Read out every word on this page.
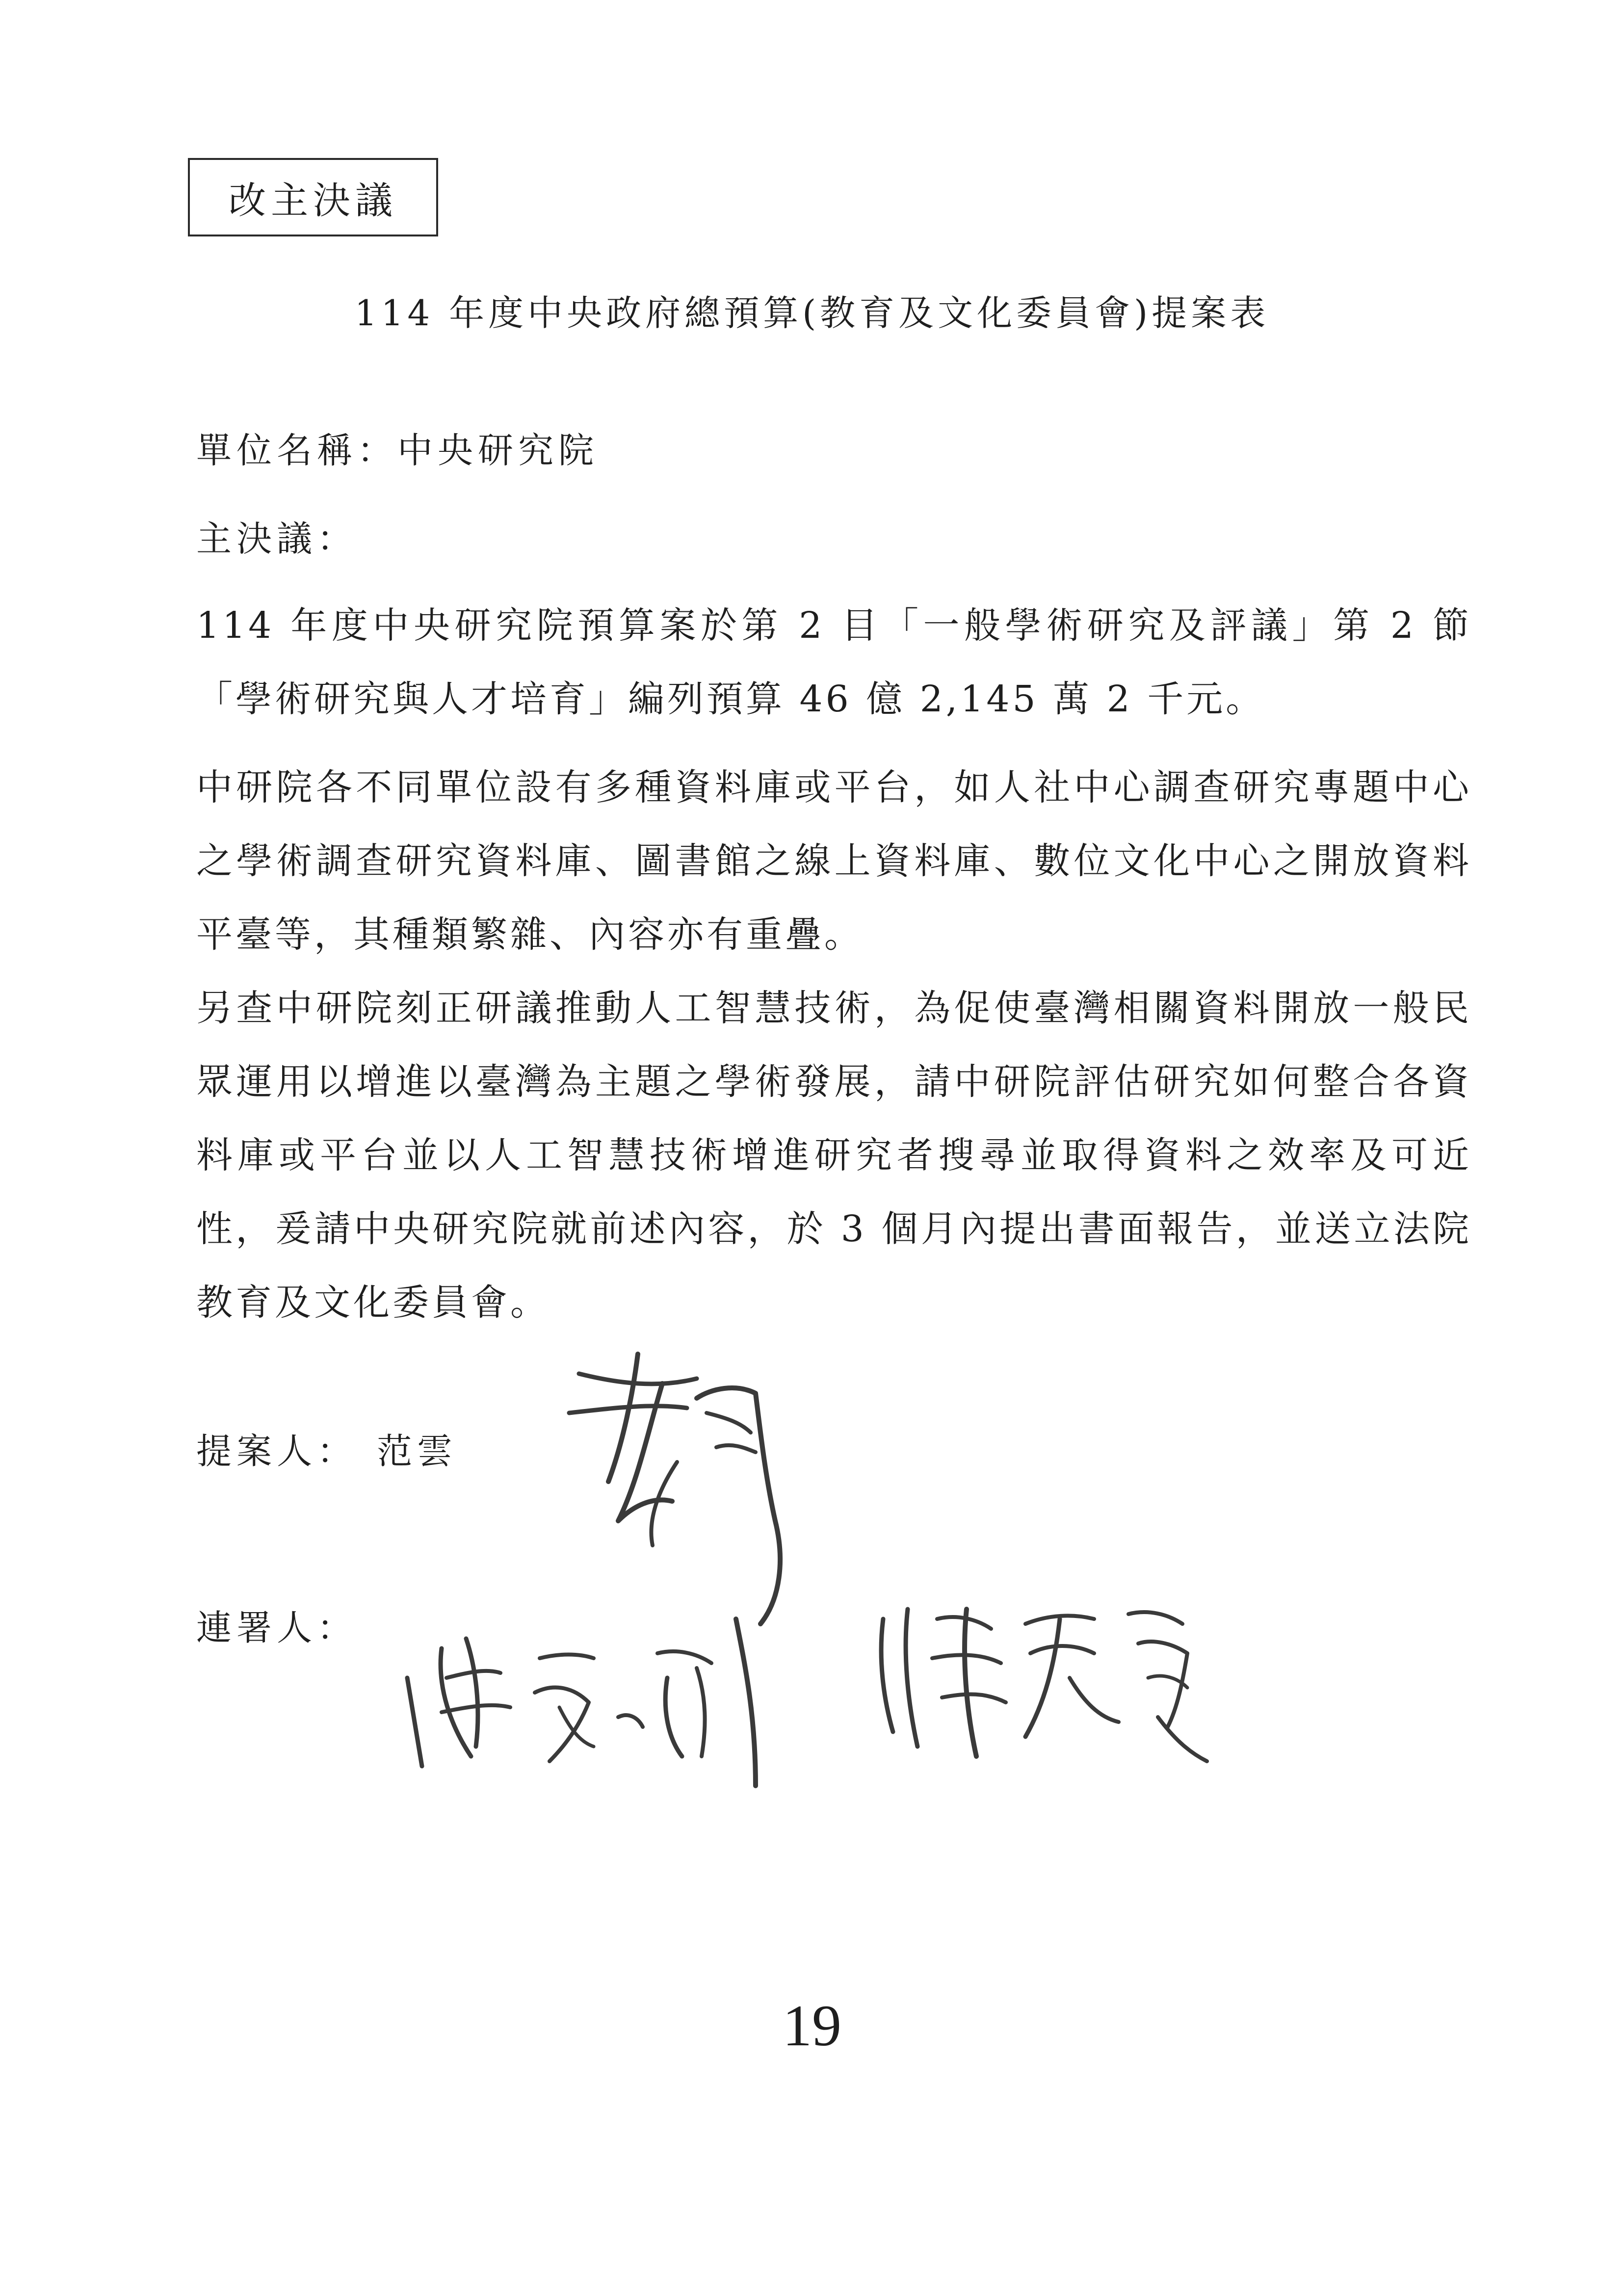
改主決議
114 年度中央政府總預算(教育及文化委員會)提案表
單位名稱：中央研究院
主決議：

114 年度中央研究院預算案於第 2 目「一般學術研究及評議」第 2 節「學術研究與人才培育」編列預算 46 億 2,145 萬 2 千元。

中研院各不同單位設有多種資料庫或平台，如人社中心調查研究專題中心之學術調查研究資料庫、圖書館之線上資料庫、數位文化中心之開放資料平臺等，其種類繁雜、內容亦有重疊。

另查中研院刻正研議推動人工智慧技術，為促使臺灣相關資料開放一般民眾運用以增進以臺灣為主題之學術發展，請中研院評估研究如何整合各資料庫或平台並以人工智慧技術增進研究者搜尋並取得資料之效率及可近性，爰請中央研究院就前述內容，於 3 個月內提出書面報告，並送立法院教育及文化委員會。

提案人： 范雲
連署人：
19
